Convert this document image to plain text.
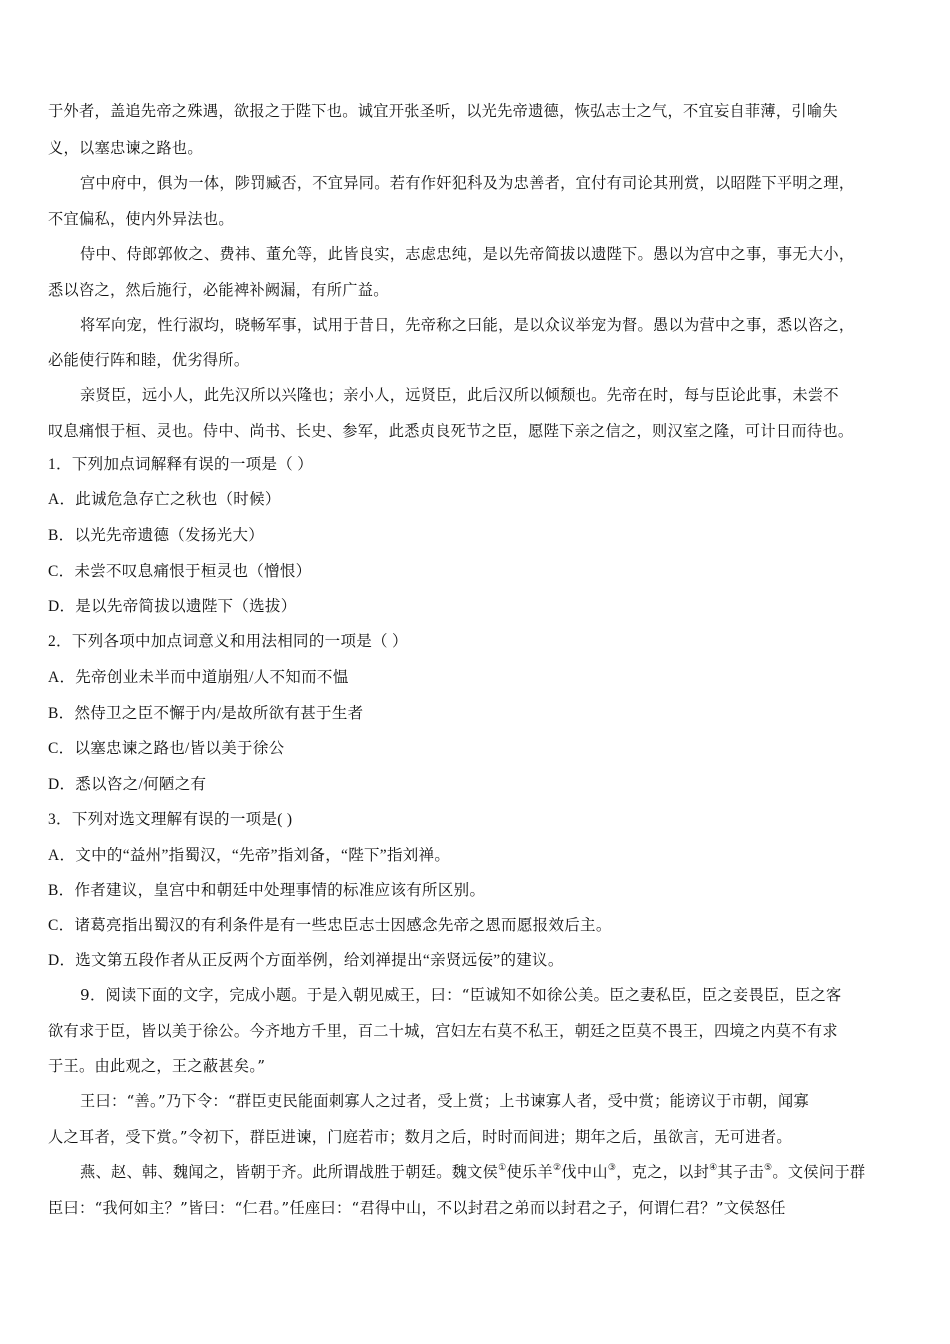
于外者，盖追先帝之殊遇，欲报之于陛下也。诚宜开张圣听，以光先帝遗德，恢弘志士之气，不宜妄自菲薄，引喻失
义，以塞忠谏之路也。
宫中府中，俱为一体，陟罚臧否，不宜异同。若有作奸犯科及为忠善者，宜付有司论其刑赏，以昭陛下平明之理，
不宜偏私，使内外异法也。
侍中、侍郎郭攸之、费祎、董允等，此皆良实，志虑忠纯，是以先帝简拔以遗陛下。愚以为宫中之事，事无大小，
悉以咨之，然后施行，必能裨补阙漏，有所广益。
将军向宠，性行淑均，晓畅军事，试用于昔日，先帝称之曰能，是以众议举宠为督。愚以为营中之事，悉以咨之，
必能使行阵和睦，优劣得所。
亲贤臣，远小人，此先汉所以兴隆也；亲小人，远贤臣，此后汉所以倾颓也。先帝在时，每与臣论此事，未尝不
叹息痛恨于桓、灵也。侍中、尚书、长史、参军，此悉贞良死节之臣，愿陛下亲之信之，则汉室之隆，可计日而待也。
1．下列加点词解释有误的一项是（ ）
A．此诚危急存亡之秋也（时候）
B．以光先帝遗德（发扬光大）
C．未尝不叹息痛恨于桓灵也（憎恨）
D．是以先帝简拔以遗陛下（选拔）
2．下列各项中加点词意义和用法相同的一项是（ ）
A．先帝创业未半而中道崩殂/人不知而不愠
B．然侍卫之臣不懈于内/是故所欲有甚于生者
C．以塞忠谏之路也/皆以美于徐公
D．悉以咨之/何陋之有
3．下列对选文理解有误的一项是( )
A．文中的“益州”指蜀汉，“先帝”指刘备，“陛下”指刘禅。
B．作者建议，皇宫中和朝廷中处理事情的标准应该有所区别。
C．诸葛亮指出蜀汉的有利条件是有一些忠臣志士因感念先帝之恩而愿报效后主。
D．选文第五段作者从正反两个方面举例，给刘禅提出“亲贤远佞”的建议。
9．阅读下面的文字，完成小题。于是入朝见威王，曰：“臣诚知不如徐公美。臣之妻私臣，臣之妾畏臣，臣之客
欲有求于臣，皆以美于徐公。今齐地方千里，百二十城，宫妇左右莫不私王，朝廷之臣莫不畏王，四境之内莫不有求
于王。由此观之，王之蔽甚矣。”
王曰：“善。”乃下令：“群臣吏民能面刺寡人之过者，受上赏；上书谏寡人者，受中赏；能谤议于市朝，闻寡
人之耳者，受下赏。”令初下，群臣进谏，门庭若市；数月之后，时时而间进；期年之后，虽欲言，无可进者。
燕、赵、韩、魏闻之，皆朝于齐。此所谓战胜于朝廷。魏文侯①使乐羊②伐中山③，克之，以封④其子击⑤。文侯问于群
臣曰：“我何如主？”皆曰：“仁君。”任座曰：“君得中山，不以封君之弟而以封君之子，何谓仁君？”文侯怒任
